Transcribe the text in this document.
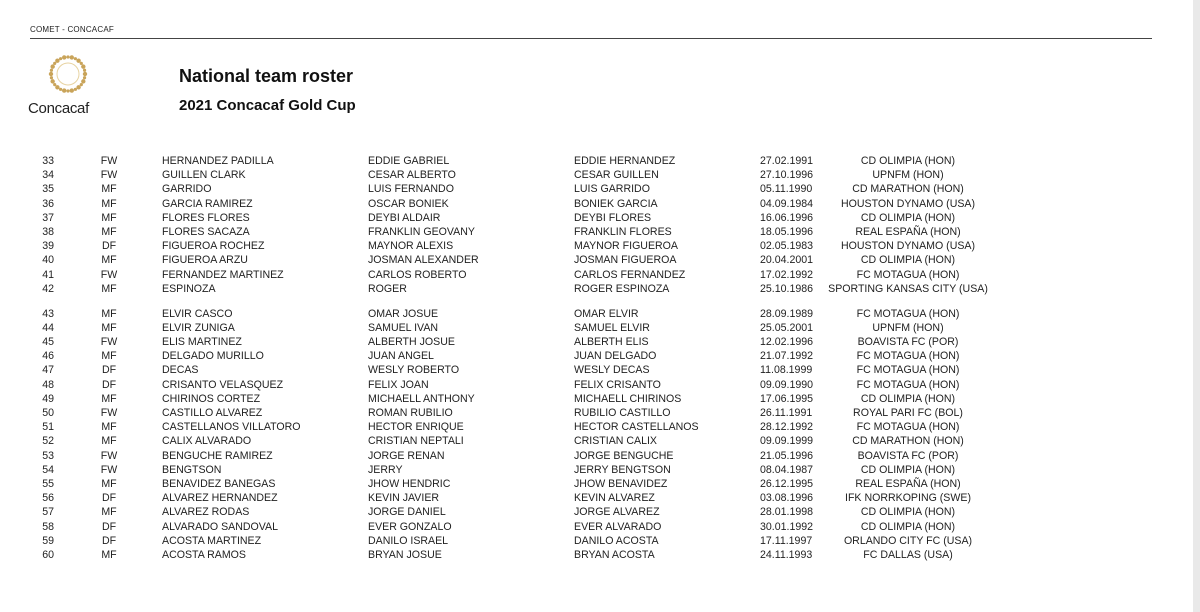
COMET - CONCACAF
Concacaf
National team roster
2021 Concacaf Gold Cup
33	FW	HERNANDEZ PADILLA	EDDIE GABRIEL	EDDIE HERNANDEZ	27.02.1991	CD OLIMPIA (HON)
34	FW	GUILLEN CLARK	CESAR ALBERTO	CESAR GUILLEN	27.10.1996	UPNFM (HON)
35	MF	GARRIDO	LUIS FERNANDO	LUIS GARRIDO	05.11.1990	CD MARATHON (HON)
36	MF	GARCIA RAMIREZ	OSCAR BONIEK	BONIEK GARCIA	04.09.1984	HOUSTON DYNAMO (USA)
37	MF	FLORES FLORES	DEYBI ALDAIR	DEYBI FLORES	16.06.1996	CD OLIMPIA (HON)
38	MF	FLORES SACAZA	FRANKLIN GEOVANY	FRANKLIN FLORES	18.05.1996	REAL ESPAÑA (HON)
39	DF	FIGUEROA ROCHEZ	MAYNOR ALEXIS	MAYNOR FIGUEROA	02.05.1983	HOUSTON DYNAMO (USA)
40	MF	FIGUEROA ARZU	JOSMAN ALEXANDER	JOSMAN FIGUEROA	20.04.2001	CD OLIMPIA (HON)
41	FW	FERNANDEZ MARTINEZ	CARLOS ROBERTO	CARLOS FERNANDEZ	17.02.1992	FC MOTAGUA (HON)
42	MF	ESPINOZA	ROGER	ROGER ESPINOZA	25.10.1986 SPORTING KANSAS CITY (USA)
43	MF	ELVIR CASCO	OMAR JOSUE	OMAR ELVIR	28.09.1989	FC MOTAGUA (HON)
44	MF	ELVIR ZUNIGA	SAMUEL IVAN	SAMUEL ELVIR	25.05.2001	UPNFM (HON)
45	FW	ELIS MARTINEZ	ALBERTH JOSUE	ALBERTH ELIS	12.02.1996	BOAVISTA FC (POR)
46	MF	DELGADO MURILLO	JUAN ANGEL	JUAN DELGADO	21.07.1992	FC MOTAGUA (HON)
47	DF	DECAS	WESLY ROBERTO	WESLY DECAS	11.08.1999	FC MOTAGUA (HON)
48	DF	CRISANTO VELASQUEZ	FELIX JOAN	FELIX CRISANTO	09.09.1990	FC MOTAGUA (HON)
49	MF	CHIRINOS CORTEZ	MICHAELL ANTHONY	MICHAELL CHIRINOS	17.06.1995	CD OLIMPIA (HON)
50	FW	CASTILLO ALVAREZ	ROMAN RUBILIO	RUBILIO CASTILLO	26.11.1991	ROYAL PARI FC (BOL)
51	MF	CASTELLANOS VILLATORO	HECTOR ENRIQUE	HECTOR CASTELLANOS	28.12.1992	FC MOTAGUA (HON)
52	MF	CALIX ALVARADO	CRISTIAN NEPTALI	CRISTIAN CALIX	09.09.1999	CD MARATHON (HON)
53	FW	BENGUCHE RAMIREZ	JORGE RENAN	JORGE BENGUCHE	21.05.1996	BOAVISTA FC (POR)
54	FW	BENGTSON	JERRY	JERRY BENGTSON	08.04.1987	CD OLIMPIA (HON)
55	MF	BENAVIDEZ BANEGAS	JHOW HENDRIC	JHOW BENAVIDEZ	26.12.1995	REAL ESPAÑA (HON)
56	DF	ALVAREZ HERNANDEZ	KEVIN JAVIER	KEVIN ALVAREZ	03.08.1996	IFK NORRKOPING (SWE)
57	MF	ALVAREZ RODAS	JORGE DANIEL	JORGE ALVAREZ	28.01.1998	CD OLIMPIA (HON)
58	DF	ALVARADO SANDOVAL	EVER GONZALO	EVER ALVARADO	30.01.1992	CD OLIMPIA (HON)
59	DF	ACOSTA MARTINEZ	DANILO ISRAEL	DANILO ACOSTA	17.11.1997	ORLANDO CITY FC (USA)
60	MF	ACOSTA RAMOS	BRYAN JOSUE	BRYAN ACOSTA	24.11.1993	FC DALLAS (USA)
